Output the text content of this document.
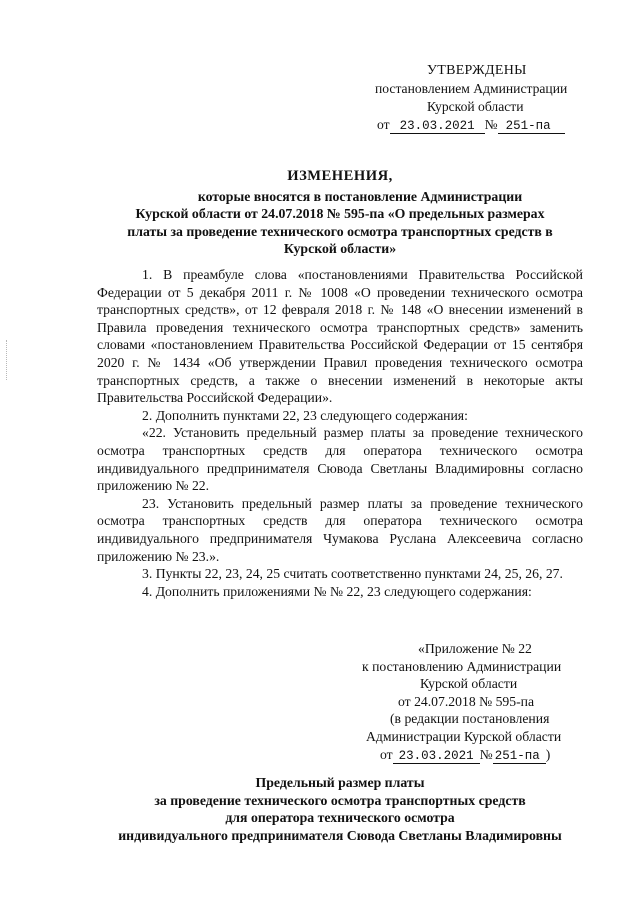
УТВЕРЖДЕНЫ
постановлением Администрации
Курской области
от 23.03.2021 № 251-па
ИЗМЕНЕНИЯ,
которые вносятся в постановление Администрации
Курской области от 24.07.2018 № 595-па «О предельных размерах
платы за проведение технического осмотра транспортных средств в
Курской области»

1. В преамбуле слова «постановлениями Правительства Российской Федерации от 5 декабря 2011 г. № 1008 «О проведении технического осмотра транспортных средств», от 12 февраля 2018 г. № 148 «О внесении изменений в Правила проведения технического осмотра транспортных средств» заменить словами «постановлением Правительства Российской Федерации от 15 сентября 2020 г. № 1434 «Об утверждении Правил проведения технического осмотра транспортных средств, а также о внесении изменений в некоторые акты Правительства Российской Федерации».

2. Дополнить пунктами 22, 23 следующего содержания:

«22. Установить предельный размер платы за проведение технического осмотра транспортных средств для оператора технического осмотра индивидуального предпринимателя Сювода Светланы Владимировны согласно приложению № 22.

23. Установить предельный размер платы за проведение технического осмотра транспортных средств для оператора технического осмотра индивидуального предпринимателя Чумакова Руслана Алексеевича согласно приложению № 23.».

3. Пункты 22, 23, 24, 25 считать соответственно пунктами 24, 25, 26, 27.

4. Дополнить приложениями № № 22, 23 следующего содержания:

«Приложение № 22
к постановлению Администрации
Курской области
от 24.07.2018 № 595-па
(в редакции постановления
Администрации Курской области
от 23.03.2021 № 251-па )
Предельный размер платы
за проведение технического осмотра транспортных средств
для оператора технического осмотра
индивидуального предпринимателя Сювода Светланы Владимировны
